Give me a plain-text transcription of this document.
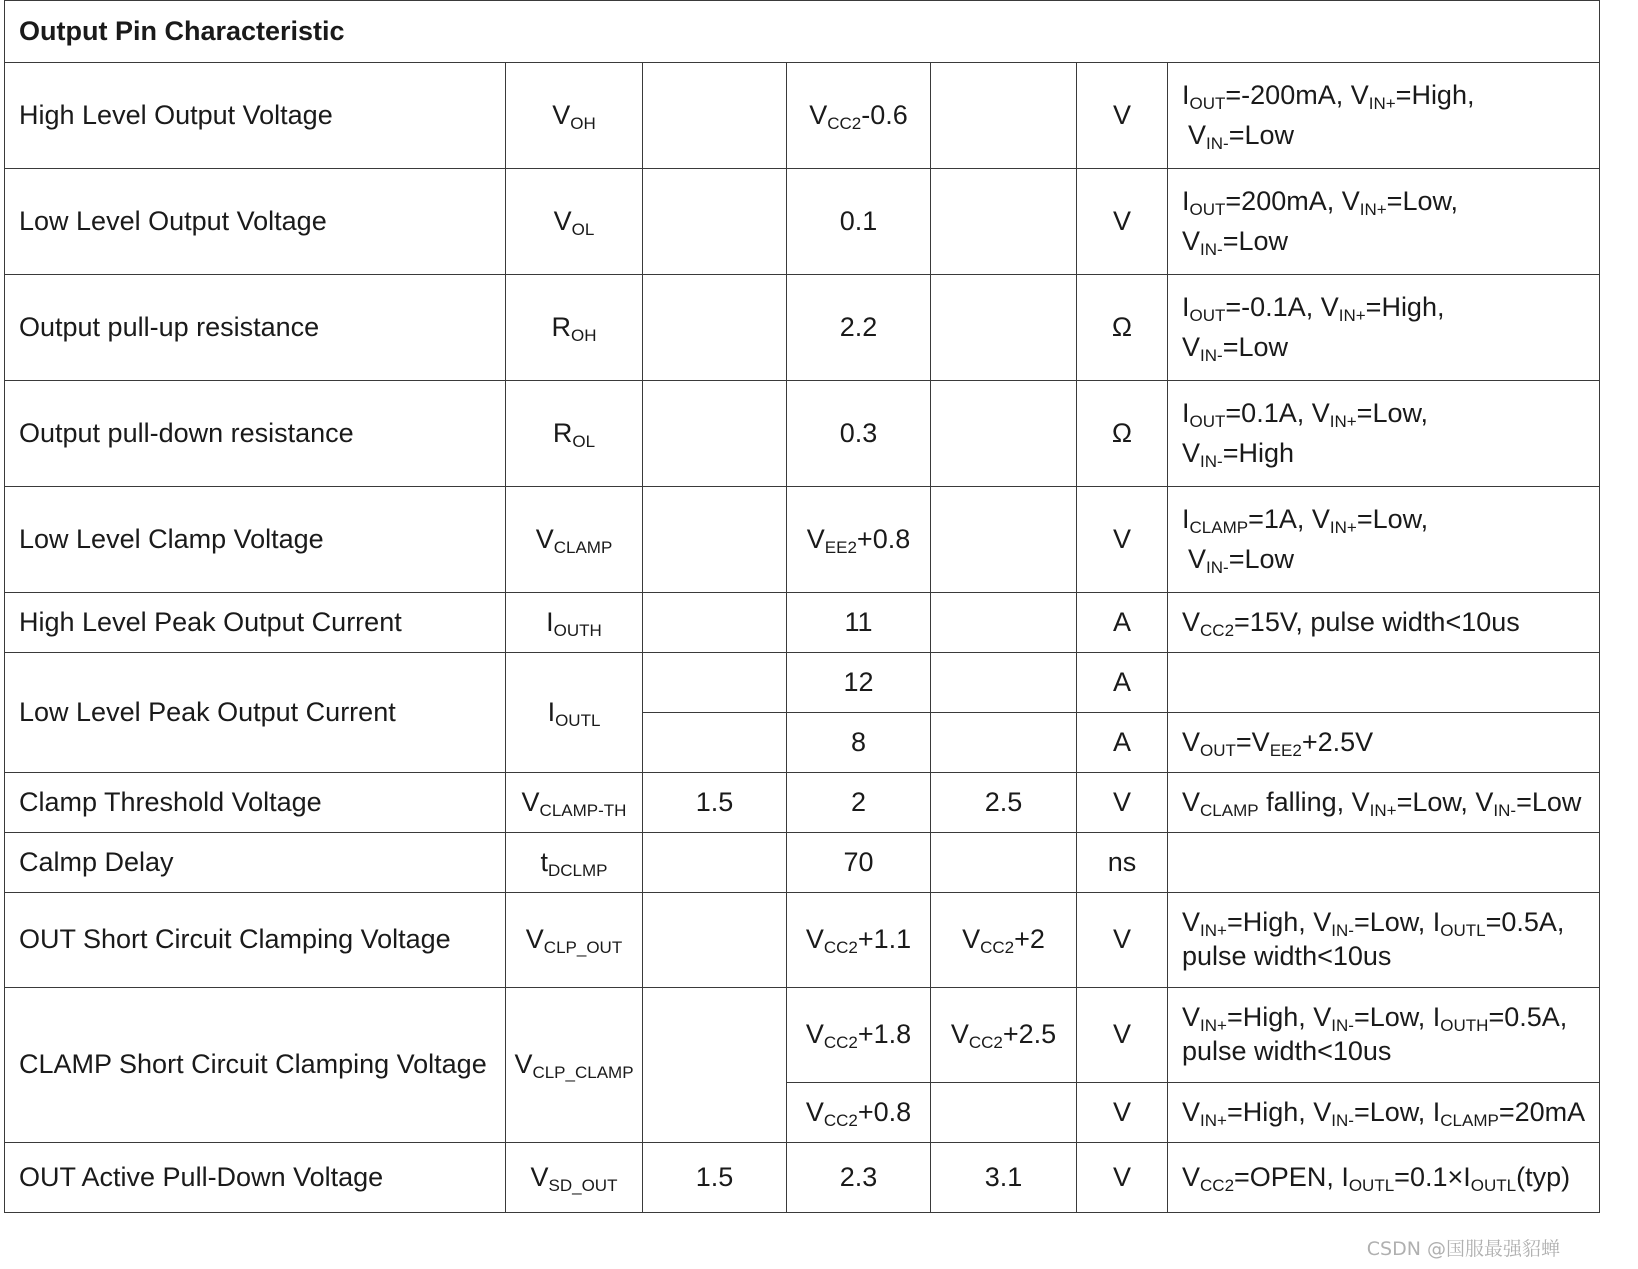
Output Pin Characteristic						
High Level Output Voltage	$V_{OH}$		$V_{CC2}-0.6$		V	$I_{OUT}=-200mA$, $V_{IN+}=High$,
$V_{IN-}=Low$

Low Level Output Voltage	$V_{OL}$		0.1		V	$I_{OUT}=200mA$, $V_{IN+}=Low$,
$V_{IN-}=Low$

Output pull-up resistance	$R_{OH}$		2.2		Ω	$I_{OUT}=-0.1A$, $V_{IN+}=High$,
$V_{IN-}=Low$

Output pull-down resistance	$R_{OL}$		0.3		Ω	$I_{OUT}=0.1A$, $V_{IN+}=Low$,
$V_{IN-}=High$

Low Level Clamp Voltage	$V_{CLAMP}$		$V_{EE2}+0.8$		V	$I_{CLAMP}=1A$, $V_{IN+}=Low$,
$V_{IN-}=Low$

High Level Peak Output Current	$I_{OUTH}$		11		A	$V_{CC2}=15V$, pulse width<10us

Low Level Peak Output Current	$I_{OUTL}$		12		A	
			8		A	$V_{OUT}=V_{EE2}+2.5V$

Clamp Threshold Voltage	$V_{CLAMP-TH}$	1.5	2	2.5	V	$V_{CLAMP}$ falling, $V_{IN+}=Low$, $V_{IN-}=Low$

Calmp Delay	$t_{DCLMP}$		70		ns	
OUT Short Circuit Clamping Voltage	$V_{CLP\_OUT}$		$V_{CC2}+1.1$	$V_{CC2}+2$	V	$V_{IN+}=High$, $V_{IN-}=Low$, $I_{OUTL}=0.5A$,
pulse width<10us

CLAMP Short Circuit Clamping Voltage	$V_{CLP\_CLAMP}$		$V_{CC2}+1.8$	$V_{CC2}+2.5$	V	$V_{IN+}=High$, $V_{IN-}=Low$, $I_{OUTH}=0.5A$,
pulse width<10us

			$V_{CC2}+0.8$		V	$V_{IN+}=High$, $V_{IN-}=Low$, $I_{CLAMP}=20mA$

OUT Active Pull-Down Voltage	$V_{SD\_OUT}$	1.5	2.3	3.1	V	$V_{CC2}=OPEN$, $I_{OUTL}=0.1\times I_{OUTL}(typ)$
CSDN @国服最强貂蝉
